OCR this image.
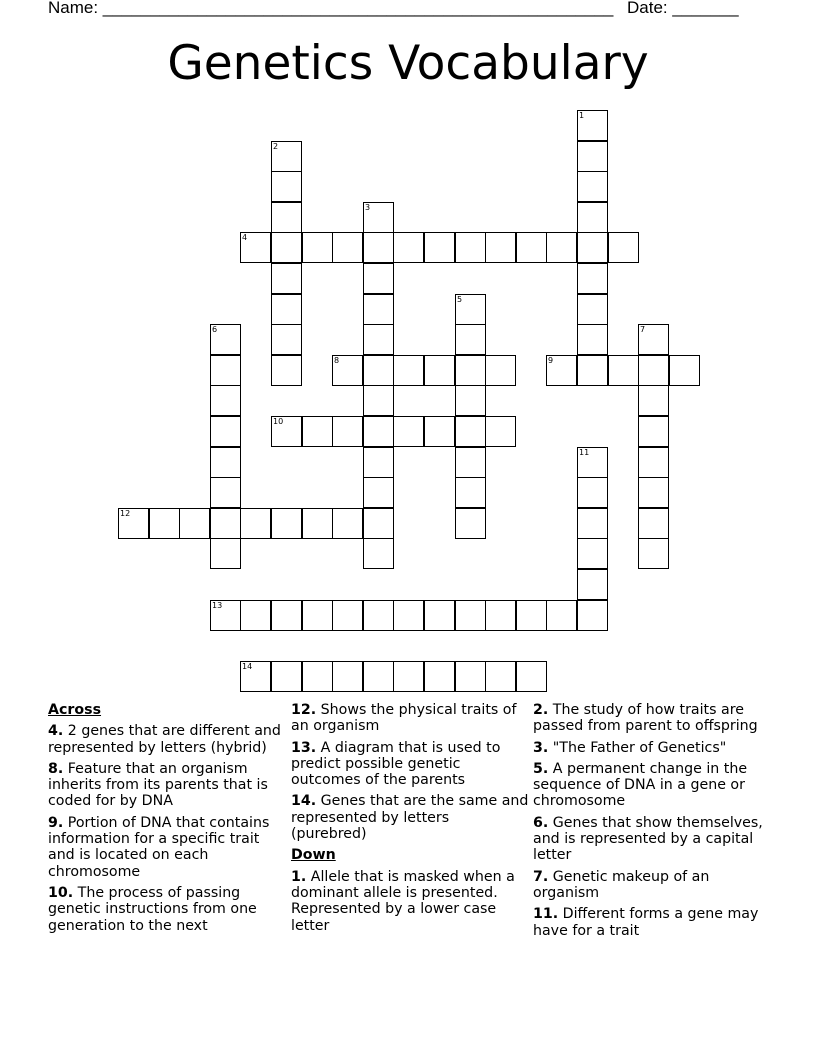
Name: ______________________________________________________ Date: _______
Genetics Vocabulary
1
2
3
4
5
6	7
8	9
10
11
12
13
14
Across
4. 2 genes that are different and represented by letters (hybrid)
8. Feature that an organism inherits from its parents that is coded for by DNA
9. Portion of DNA that contains information for a specific trait and is located on each chromosome
10. The process of passing genetic instructions from one generation to the next
12. Shows the physical traits of an organism
13. A diagram that is used to predict possible genetic outcomes of the parents
14. Genes that are the same and represented by letters (purebred)
Down
1. Allele that is masked when a dominant allele is presented. Represented by a lower case letter
2. The study of how traits are passed from parent to offspring
3. "The Father of Genetics"
5. A permanent change in the sequence of DNA in a gene or chromosome
6. Genes that show themselves, and is represented by a capital letter
7. Genetic makeup of an organism
11. Different forms a gene may have for a trait
